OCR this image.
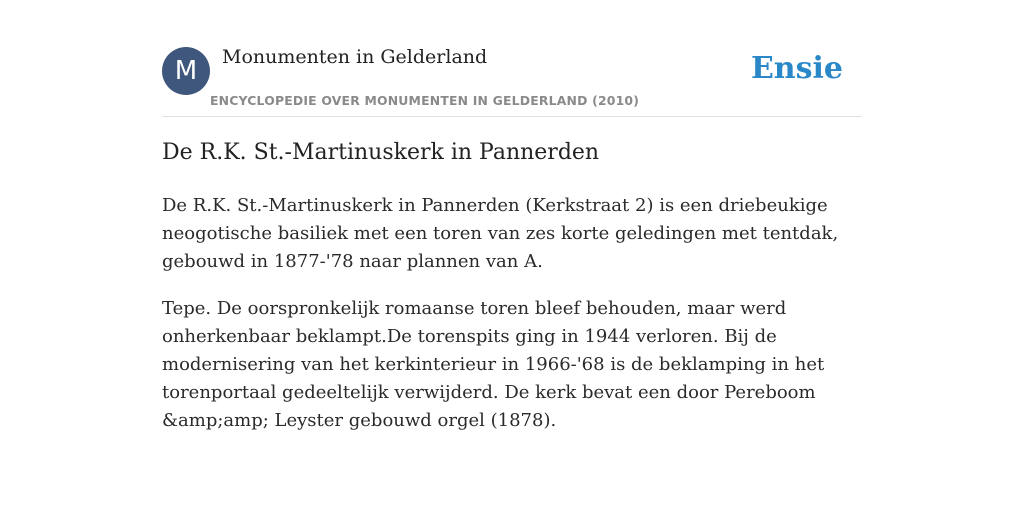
M	Monumenten in Gelderland
ENCYCLOPEDIE OVER MONUMENTEN IN GELDERLAND (2010)
Ensie
De R.K. St.-Martinuskerk in Pannerden

De R.K. St.-Martinuskerk in Pannerden (Kerkstraat 2) is een driebeukige neogotische basiliek met een toren van zes korte geledingen met tentdak, gebouwd in 1877-'78 naar plannen van A.

Tepe. De oorspronkelijk romaanse toren bleef behouden, maar werd onherkenbaar beklampt.De torenspits ging in 1944 verloren. Bij de modernisering van het kerkinterieur in 1966-'68 is de beklamping in het torenportaal gedeeltelijk verwijderd. De kerk bevat een door Pereboom &amp;amp; Leyster gebouwd orgel (1878).
